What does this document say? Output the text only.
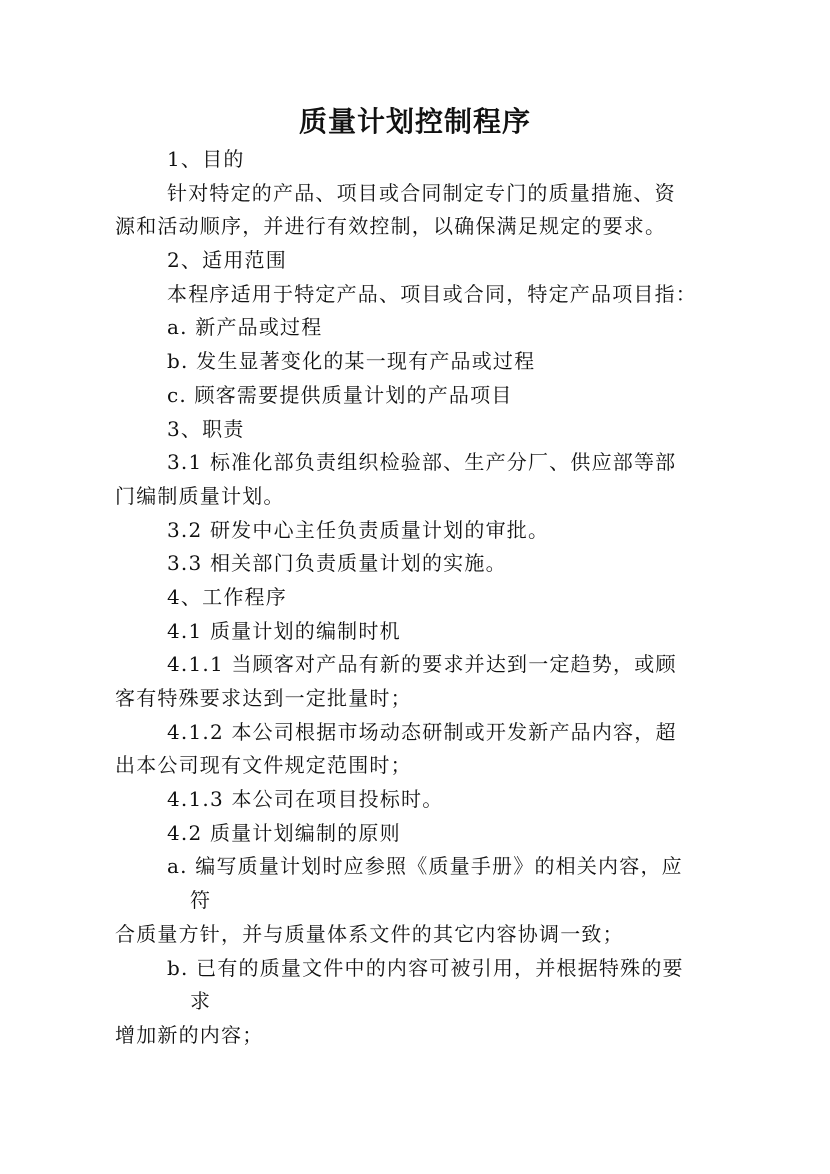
质量计划控制程序
1、目的
针对特定的产品、项目或合同制定专门的质量措施、资
源和活动顺序，并进行有效控制，以确保满足规定的要求。
2、适用范围
本程序适用于特定产品、项目或合同，特定产品项目指：
a. 新产品或过程
b. 发生显著变化的某一现有产品或过程
c. 顾客需要提供质量计划的产品项目
3、职责
3.1 标准化部负责组织检验部、生产分厂、供应部等部
门编制质量计划。
3.2 研发中心主任负责质量计划的审批。
3.3 相关部门负责质量计划的实施。
4、工作程序
4.1 质量计划的编制时机
4.1.1 当顾客对产品有新的要求并达到一定趋势，或顾
客有特殊要求达到一定批量时；
4.1.2 本公司根据市场动态研制或开发新产品内容，超
出本公司现有文件规定范围时；
4.1.3 本公司在项目投标时。
4.2 质量计划编制的原则
a. 编写质量计划时应参照《质量手册》的相关内容，应
符
合质量方针，并与质量体系文件的其它内容协调一致；
b. 已有的质量文件中的内容可被引用，并根据特殊的要
求
增加新的内容；
